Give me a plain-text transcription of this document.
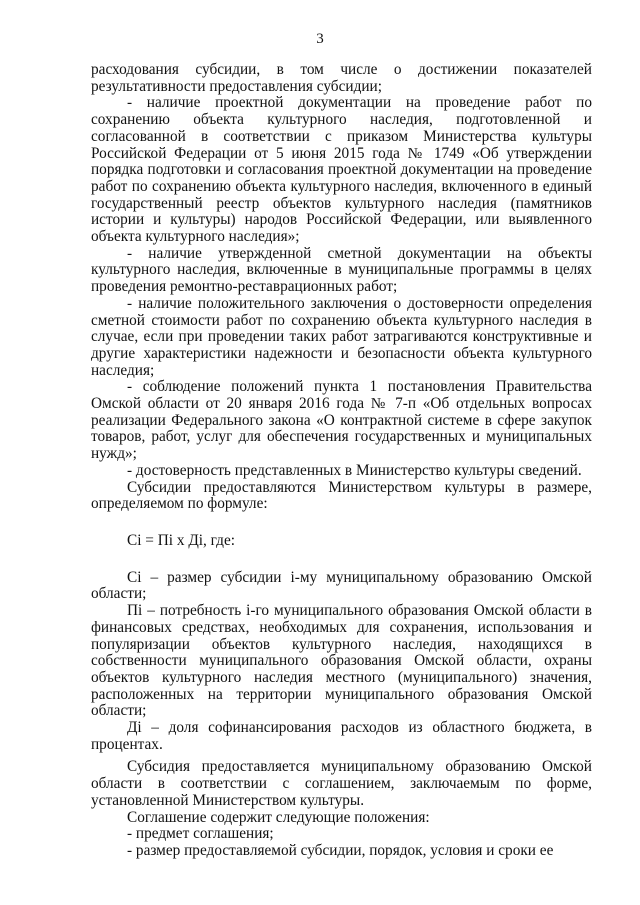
3

расходования субсидии, в том числе о достижении показателей результативности предоставления субсидии;

- наличие проектной документации на проведение работ по сохранению объекта культурного наследия, подготовленной и согласованной в соответствии с приказом Министерства культуры Российской Федерации от 5 июня 2015 года № 1749 «Об утверждении порядка подготовки и согласования проектной документации на проведение работ по сохранению объекта культурного наследия, включенного в единый государственный реестр объектов культурного наследия (памятников истории и культуры) народов Российской Федерации, или выявленного объекта культурного наследия»;

- наличие утвержденной сметной документации на объекты культурного наследия, включенные в муниципальные программы в целях проведения ремонтно-реставрационных работ;

- наличие положительного заключения о достоверности определения сметной стоимости работ по сохранению объекта культурного наследия в случае, если при проведении таких работ затрагиваются конструктивные и другие характеристики надежности и безопасности объекта культурного наследия;

- соблюдение положений пункта 1 постановления Правительства Омской области от 20 января 2016 года № 7-п «Об отдельных вопросах реализации Федерального закона «О контрактной системе в сфере закупок товаров, работ, услуг для обеспечения государственных и муниципальных нужд»;

- достоверность представленных в Министерство культуры сведений.

Субсидии предоставляются Министерством культуры в размере, определяемом по формуле:

Сi = Пi x Дi, где:

Сi – размер субсидии i-му муниципальному образованию Омской области;

Пi – потребность i-го муниципального образования Омской области в финансовых средствах, необходимых для сохранения, использования и популяризации объектов культурного наследия, находящихся в собственности муниципального образования Омской области, охраны объектов культурного наследия местного (муниципального) значения, расположенных на территории муниципального образования Омской области;

Дi – доля софинансирования расходов из областного бюджета, в процентах.

Субсидия предоставляется муниципальному образованию Омской области в соответствии с соглашением, заключаемым по форме, установленной Министерством культуры.

Соглашение содержит следующие положения:

- предмет соглашения;

- размер предоставляемой субсидии, порядок, условия и сроки ее
